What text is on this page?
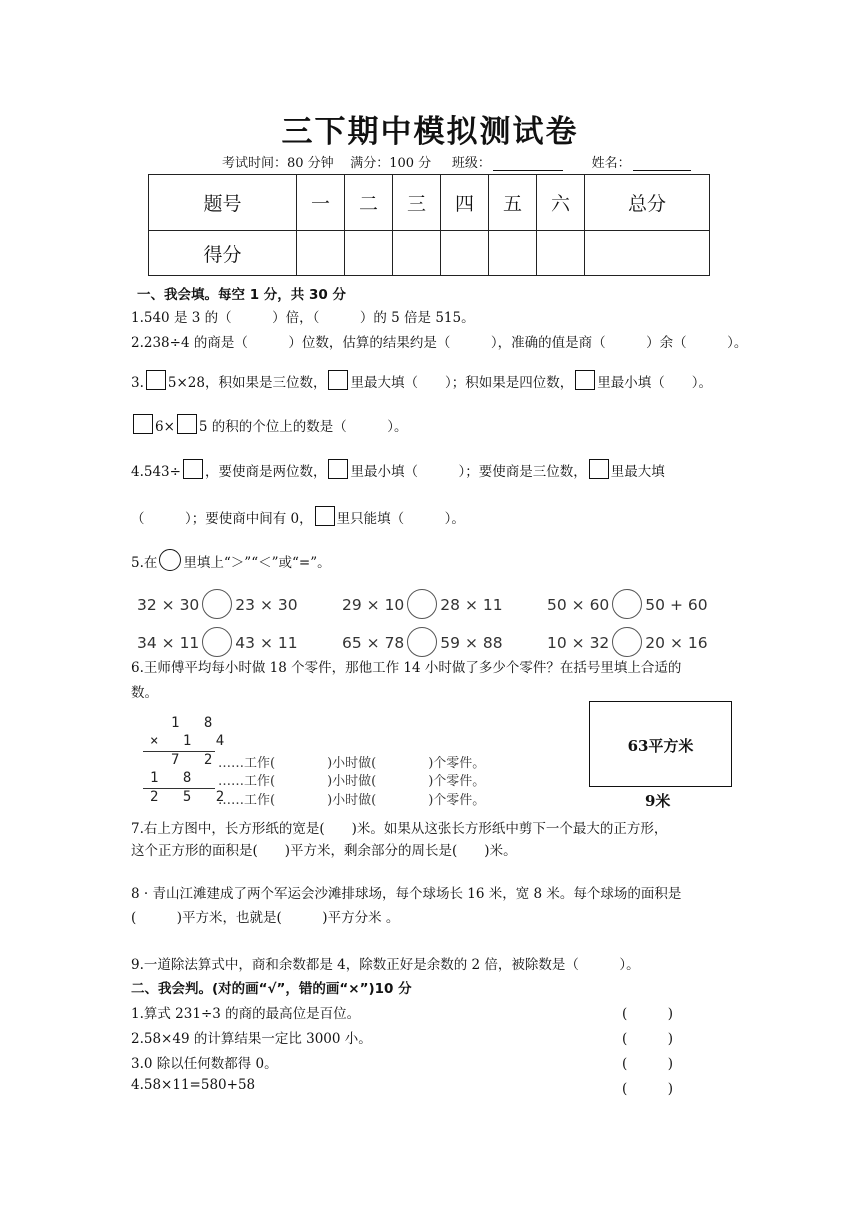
三下期中模拟测试卷
考试时间：80 分钟 满分：100 分 班级：	姓名：
题号	一	二	三	四	五	六	总分
得分							
一、我会填。每空 1 分，共 30 分
1.540 是 3 的（　　　）倍，（　　　）的 5 倍是 515。
2.238÷4 的商是（　　　）位数，估算的结果约是（　　　），准确的值是商（　　　）余（　　　）。
3. 5×28，积如果是三位数， 里最大填（　　）；积如果是四位数， 里最小填（　　）。
6× 5 的积的个位上的数是（　　　）。
4.543÷ ，要使商是两位数， 里最小填（　　　）；要使商是三位数， 里最大填
（　　　）；要使商中间有 0， 里只能填（　　　）。
5.在 里填上“＞”“＜”或“=”。
32 × 30 23 × 30	29 × 10 28 × 11	50 × 60 50 + 60
34 × 11 43 × 11	65 × 78 59 × 88	10 × 32 20 × 16
6.王师傅平均每小时做 18 个零件，那他工作 14 小时做了多少个零件？在括号里填上合适的
数。
1 8
× 1 4
7 2
1 8
2 5 2
……工作(　　　　)小时做(　　　　)个零件。
……工作(　　　　)小时做(　　　　)个零件。
……工作(　　　　)小时做(　　　　)个零件。
63平方米
9米
7.右上方图中，长方形纸的宽是(　　)米。如果从这张长方形纸中剪下一个最大的正方形，
这个正方形的面积是(　　)平方米，剩余部分的周长是(　　)米。
8 · 青山江滩建成了两个军运会沙滩排球场，每个球场长 16 米，宽 8 米。每个球场的面积是
(　　　)平方米，也就是(　　　)平方分米 。
9.一道除法算式中，商和余数都是 4，除数正好是余数的 2 倍，被除数是（　　　）。
二、我会判。(对的画“√”，错的画“×”)10 分
1.算式 231÷3 的商的最高位是百位。	(　　　)
2.58×49 的计算结果一定比 3000 小。	(　　　)
3.0 除以任何数都得 0。	(　　　)
4.58×11=580+58	(　　　)
